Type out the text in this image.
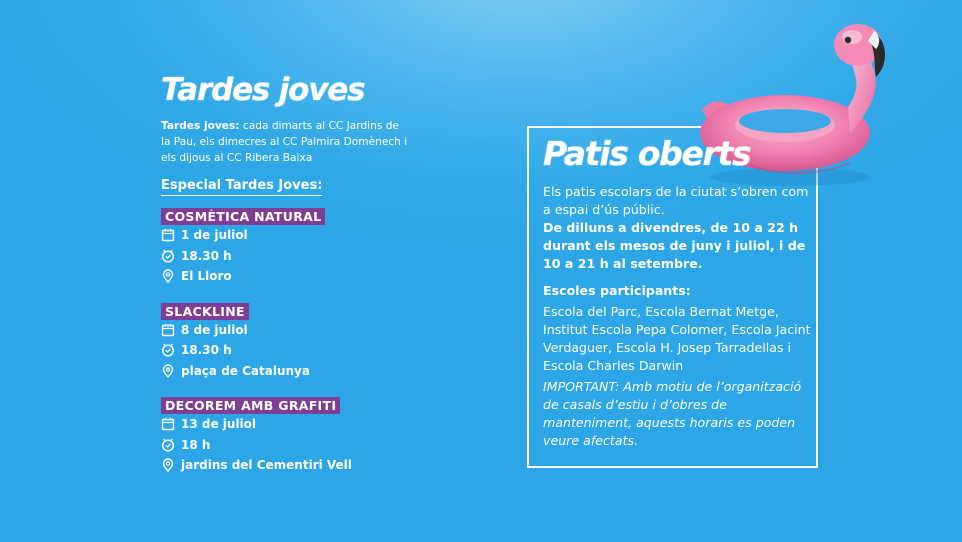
Tardes joves
Tardes joves: cada dimarts al CC Jardins de la Pau, els dimecres al CC Palmira Domènech i els dijous al CC Ribera Baixa
Especial Tardes Joves:
COSMÈTICA NATURAL
1 de juliol
18.30 h
El Lloro
SLACKLINE
8 de juliol
18.30 h
plaça de Catalunya
DECOREM AMB GRAFITI
13 de juliol
18 h
jardins del Cementiri Vell
Patis oberts

Els patis escolars de la ciutat s’obren com a espai d’ús públic.

De dilluns a divendres, de 10 a 22 h durant els mesos de juny i juliol, i de 10 a 21 h al setembre.

Escoles participants:

Escola del Parc, Escola Bernat Metge, Institut Escola Pepa Colomer, Escola Jacint Verdaguer, Escola H. Josep Tarradellas i Escola Charles Darwin

IMPORTANT: Amb motiu de l’organització de casals d’estiu i d’obres de manteniment, aquests horaris es poden veure afectats.
